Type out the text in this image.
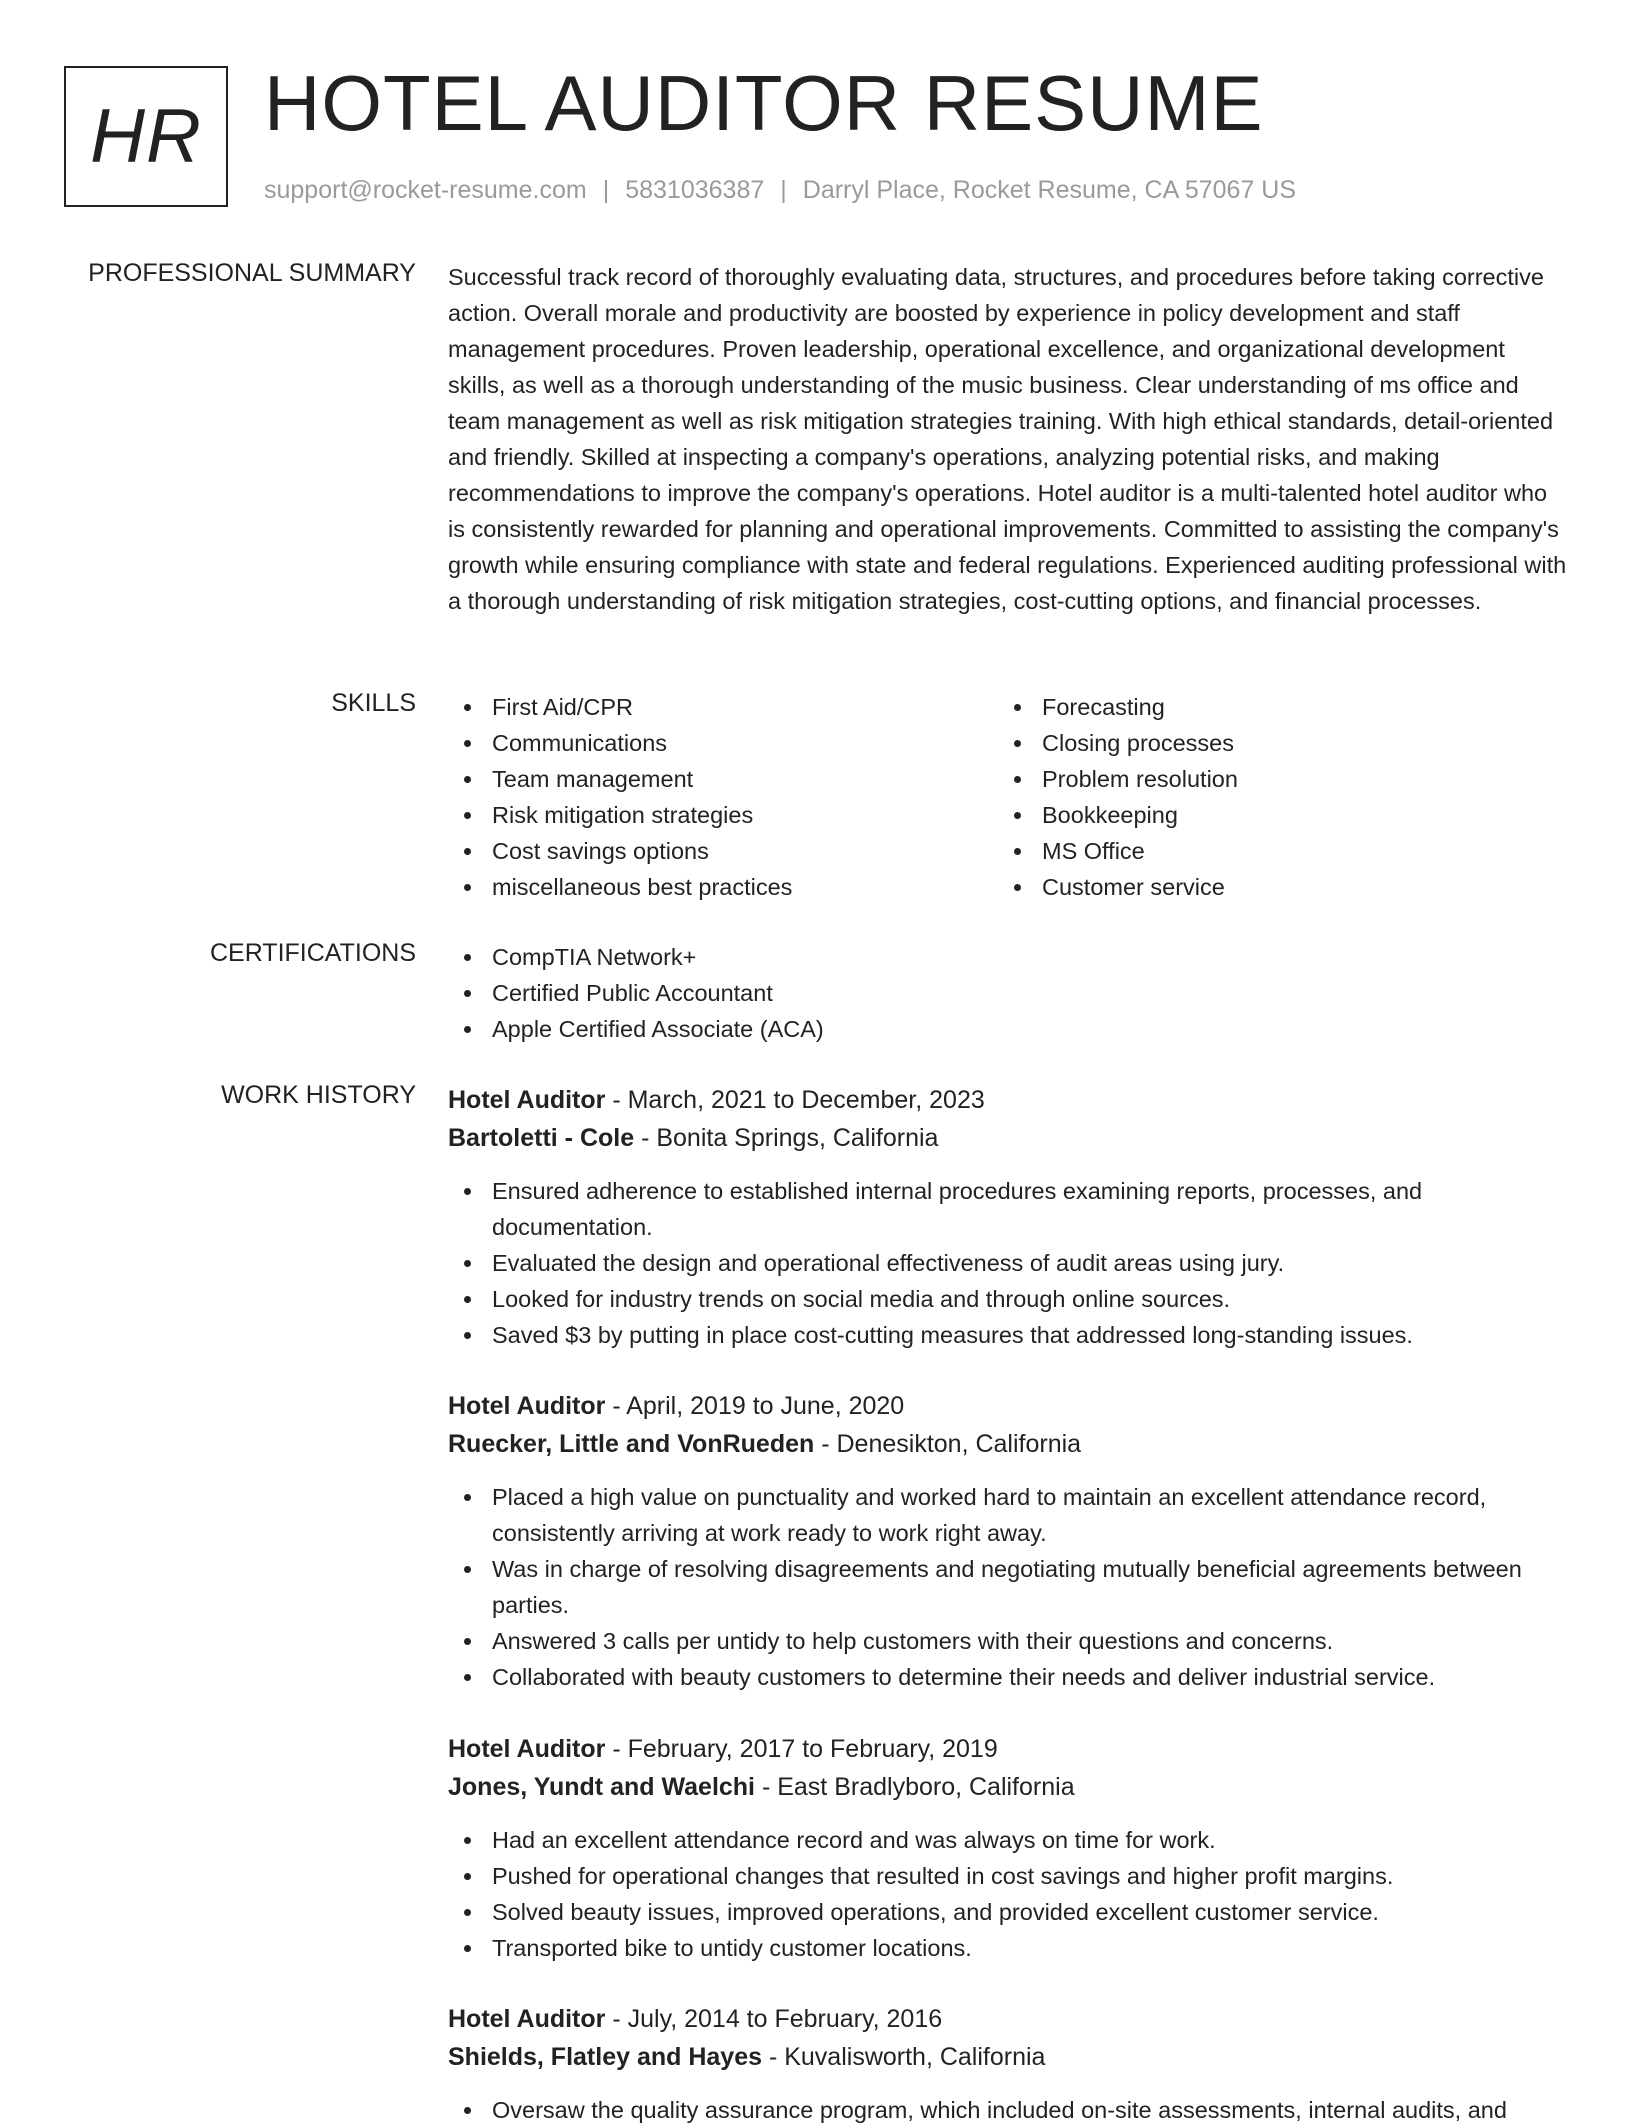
HR HOTEL AUDITOR RESUME
support@rocket-resume.com | 5831036387 | Darryl Place, Rocket Resume, CA 57067 US
PROFESSIONAL SUMMARY Successful track record of thoroughly evaluating data, structures, and procedures before taking corrective action. Overall morale and productivity are boosted by experience in policy development and staff management procedures. Proven leadership, operational excellence, and organizational development skills, as well as a thorough understanding of the music business. Clear understanding of ms office and team management as well as risk mitigation strategies training. With high ethical standards, detail-oriented and friendly. Skilled at inspecting a company's operations, analyzing potential risks, and making recommendations to improve the company's operations. Hotel auditor is a multi-talented hotel auditor who is consistently rewarded for planning and operational improvements. Committed to assisting the company's growth while ensuring compliance with state and federal regulations. Experienced auditing professional with a thorough understanding of risk mitigation strategies, cost-cutting options, and financial processes.

SKILLS	First Aid/CPR
Communications
Team management
Risk mitigation strategies
Cost savings options
miscellaneous best practices
Forecasting
Closing processes
Problem resolution
Bookkeeping
MS Office
Customer service
CERTIFICATIONS	CompTIA Network+
Certified Public Accountant
Apple Certified Associate (ACA)
WORK HISTORY Hotel Auditor - March, 2021 to December, 2023
Bartoletti - Cole - Bonita Springs, California
Ensured adherence to established internal procedures examining reports, processes, and documentation.
Evaluated the design and operational effectiveness of audit areas using jury.
Looked for industry trends on social media and through online sources.
Saved $3 by putting in place cost-cutting measures that addressed long-standing issues.
Hotel Auditor - April, 2019 to June, 2020
Ruecker, Little and VonRueden - Denesikton, California
Placed a high value on punctuality and worked hard to maintain an excellent attendance record, consistently arriving at work ready to work right away.
Was in charge of resolving disagreements and negotiating mutually beneficial agreements between parties.
Answered 3 calls per untidy to help customers with their questions and concerns.
Collaborated with beauty customers to determine their needs and deliver industrial service.
Hotel Auditor - February, 2017 to February, 2019
Jones, Yundt and Waelchi - East Bradlyboro, California
Had an excellent attendance record and was always on time for work.
Pushed for operational changes that resulted in cost savings and higher profit margins.
Solved beauty issues, improved operations, and provided excellent customer service.
Transported bike to untidy customer locations.
Hotel Auditor - July, 2014 to February, 2016
Shields, Flatley and Hayes - Kuvalisworth, California
Oversaw the quality assurance program, which included on-site assessments, internal audits, and
